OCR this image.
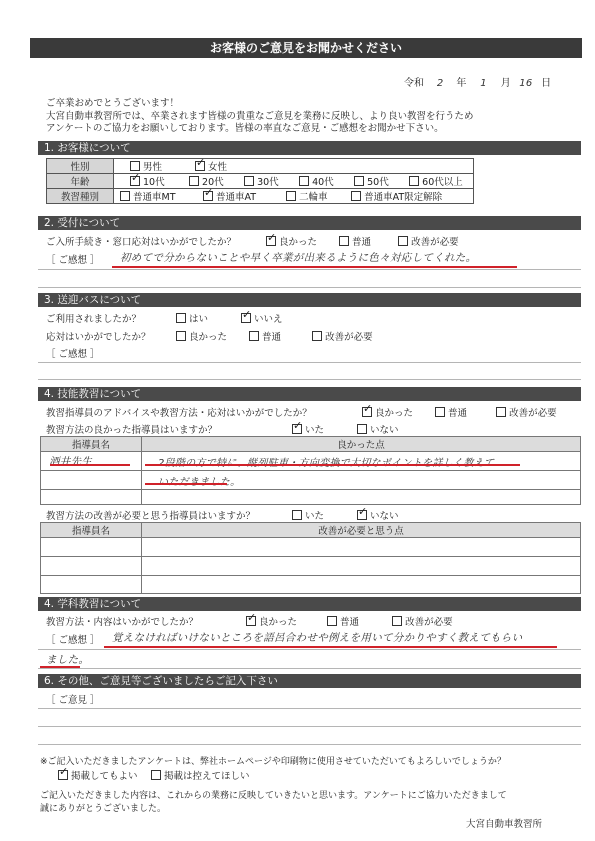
お客様のご意見をお聞かせください
令和 2 年 1 月 16 日
ご卒業おめでとうございます！
大宮自動車教習所では、卒業されます皆様の貴重なご意見を業務に反映し、より良い教習を行うため
アンケートのご協力をお願いしております。皆様の率直なご意見・ご感想をお聞かせ下さい。
1. お客様について
性別	男性 ✓ 女性
年齢	✓10代 20代 30代 40代 50代 60代以上
教習種別	普通車MT ✓ 普通車AT 二輪車 普通車AT限定解除
2. 受付について
ご入所手続き・窓口応対はいかがでしたか？ ✓	良かった	普通	改善が必要
［ ご感想 ］ 初めてで分からないことや早く卒業が出来るように色々対応してくれた。
3. 送迎バスについて
ご利用されましたか？	はい ✓	いいえ
応対はいかがでしたか？	良かった	普通	改善が必要
［ ご感想 ］
4. 技能教習について
教習指導員のアドバイスや教習方法・応対はいかがでしたか？ ✓	良かった	普通	改善が必要
教習方法の良かった指導員はいますか？ ✓	いた	いない
指導員名	良かった点
酒井先生	2段階の方で特に、縦列駐車・方向変換で大切なポイントを詳しく教えて
	いただきました。

教習方法の改善が必要と思う指導員はいますか？	いた ✓	いない
指導員名	改善が必要と思う点

4. 学科教習について
教習方法・内容はいかがでしたか？ ✓	良かった	普通	改善が必要
［ ご感想 ］ 覚えなければいけないところを語呂合わせや例えを用いて分かりやすく教えてもらい
ました。
6. その他、ご意見等ございましたらご記入下さい
［ ご意見 ］
※ご記入いただきましたアンケートは、弊社ホームページや印刷物に使用させていただいてもよろしいでしょうか？
✓掲載してもよい	掲載は控えてほしい
ご記入いただきました内容は、これからの業務に反映していきたいと思います。アンケートにご協力いただきまして
誠にありがとうございました。
大宮自動車教習所
